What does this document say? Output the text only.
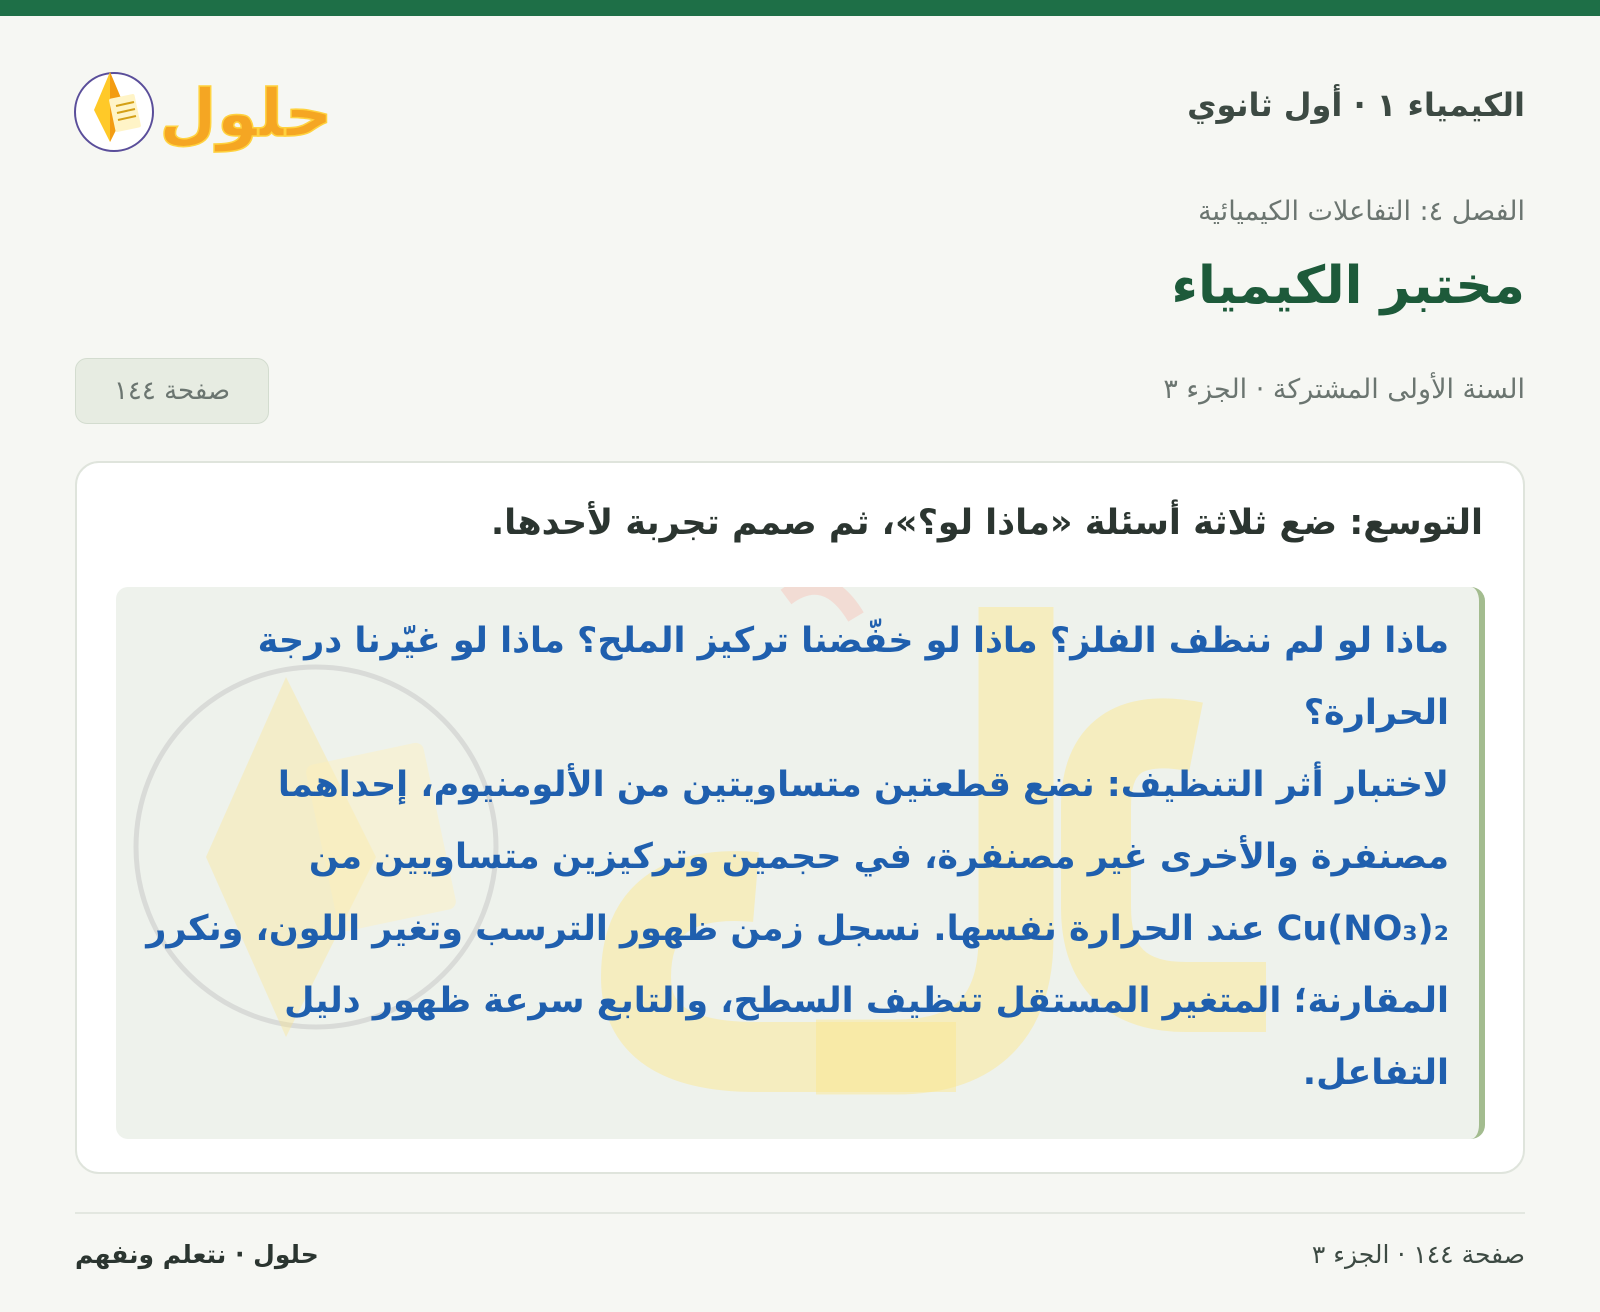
الكيمياء ١ · أول ثانوي
حلول
الفصل ٤: التفاعلات الكيميائية
مختبر الكيمياء
السنة الأولى المشتركة · الجزء ٣
صفحة ١٤٤
التوسع: ضع ثلاثة أسئلة «ماذا لو؟»، ثم صمم تجربة لأحدها.

ماذا لو لم ننظف الفلز؟ ماذا لو خفّضنا تركيز الملح؟ ماذا لو غيّرنا درجة الحرارة؟

لاختبار أثر التنظيف: نضع قطعتين متساويتين من الألومنيوم، إحداهما مصنفرة والأخرى غير مصنفرة، في حجمين وتركيزين متساويين من Cu(NO₃)₂ عند الحرارة نفسها. نسجل زمن ظهور الترسب وتغير اللون، ونكرر المقارنة؛ المتغير المستقل تنظيف السطح، والتابع سرعة ظهور دليل التفاعل.

صفحة ١٤٤ · الجزء ٣
حلول · نتعلم ونفهم
